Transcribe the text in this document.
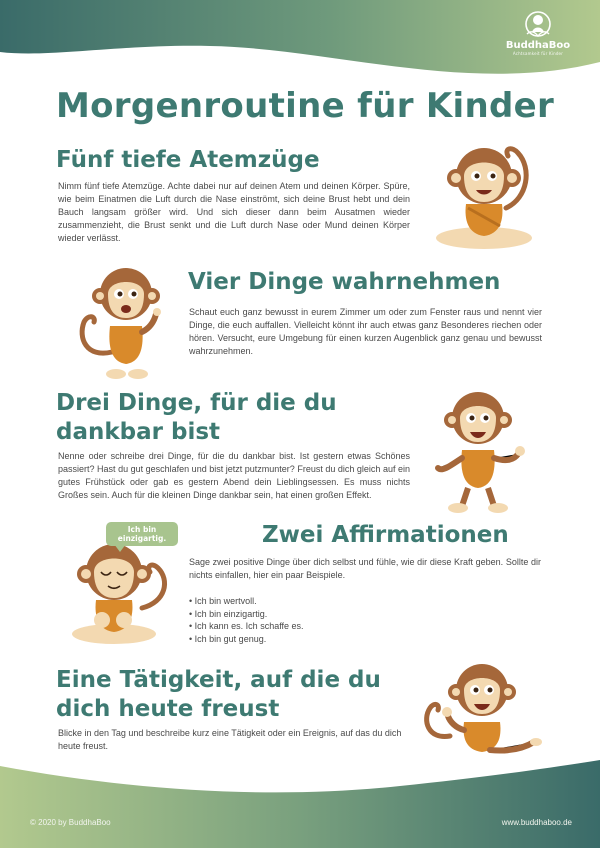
BuddhaBoo
Achtsamkeit für Kinder
Morgenroutine für Kinder
Fünf tiefe Atemzüge

Nimm fünf tiefe Atemzüge. Achte dabei nur auf deinen Atem und deinen Körper. Spüre, wie beim Einatmen die Luft durch die Nase einströmt, sich deine Brust hebt und dein Bauch langsam größer wird. Und sich dieser dann beim Ausatmen wieder zusammenzieht, die Brust senkt und die Luft durch Nase oder Mund deinen Körper wieder verlässt.

Vier Dinge wahrnehmen

Schaut euch ganz bewusst in eurem Zimmer um oder zum Fenster raus und nennt vier Dinge, die euch auffallen. Vielleicht könnt ihr auch etwas ganz Besonderes riechen oder hören. Versucht, eure Umgebung für einen kurzen Augenblick ganz genau und bewusst wahrzunehmen.

Drei Dinge, für die du
dankbar bist

Nenne oder schreibe drei Dinge, für die du dankbar bist. Ist gestern etwas Schönes passiert? Hast du gut geschlafen und bist jetzt putzmunter? Freust du dich gleich auf ein gutes Frühstück oder gab es gestern Abend dein Lieblingsessen. Es muss nichts Großes sein. Auch für die kleinen Dinge dankbar sein, hat einen großen Effekt.

Zwei Affirmationen

Sage zwei positive Dinge über dich selbst und fühle, wie dir diese Kraft geben. Sollte dir nichts einfallen, hier ein paar Beispiele.

• Ich bin wertvoll.
• Ich bin einzigartig.
• Ich kann es. Ich schaffe es.
• Ich bin gut genug.
Ich bin
einzigartig.
Eine Tätigkeit, auf die du
dich heute freust

Blicke in den Tag und beschreibe kurz eine Tätigkeit oder ein Ereignis, auf das du dich heute freust.

© 2020 by BuddhaBoo	www.buddhaboo.de
